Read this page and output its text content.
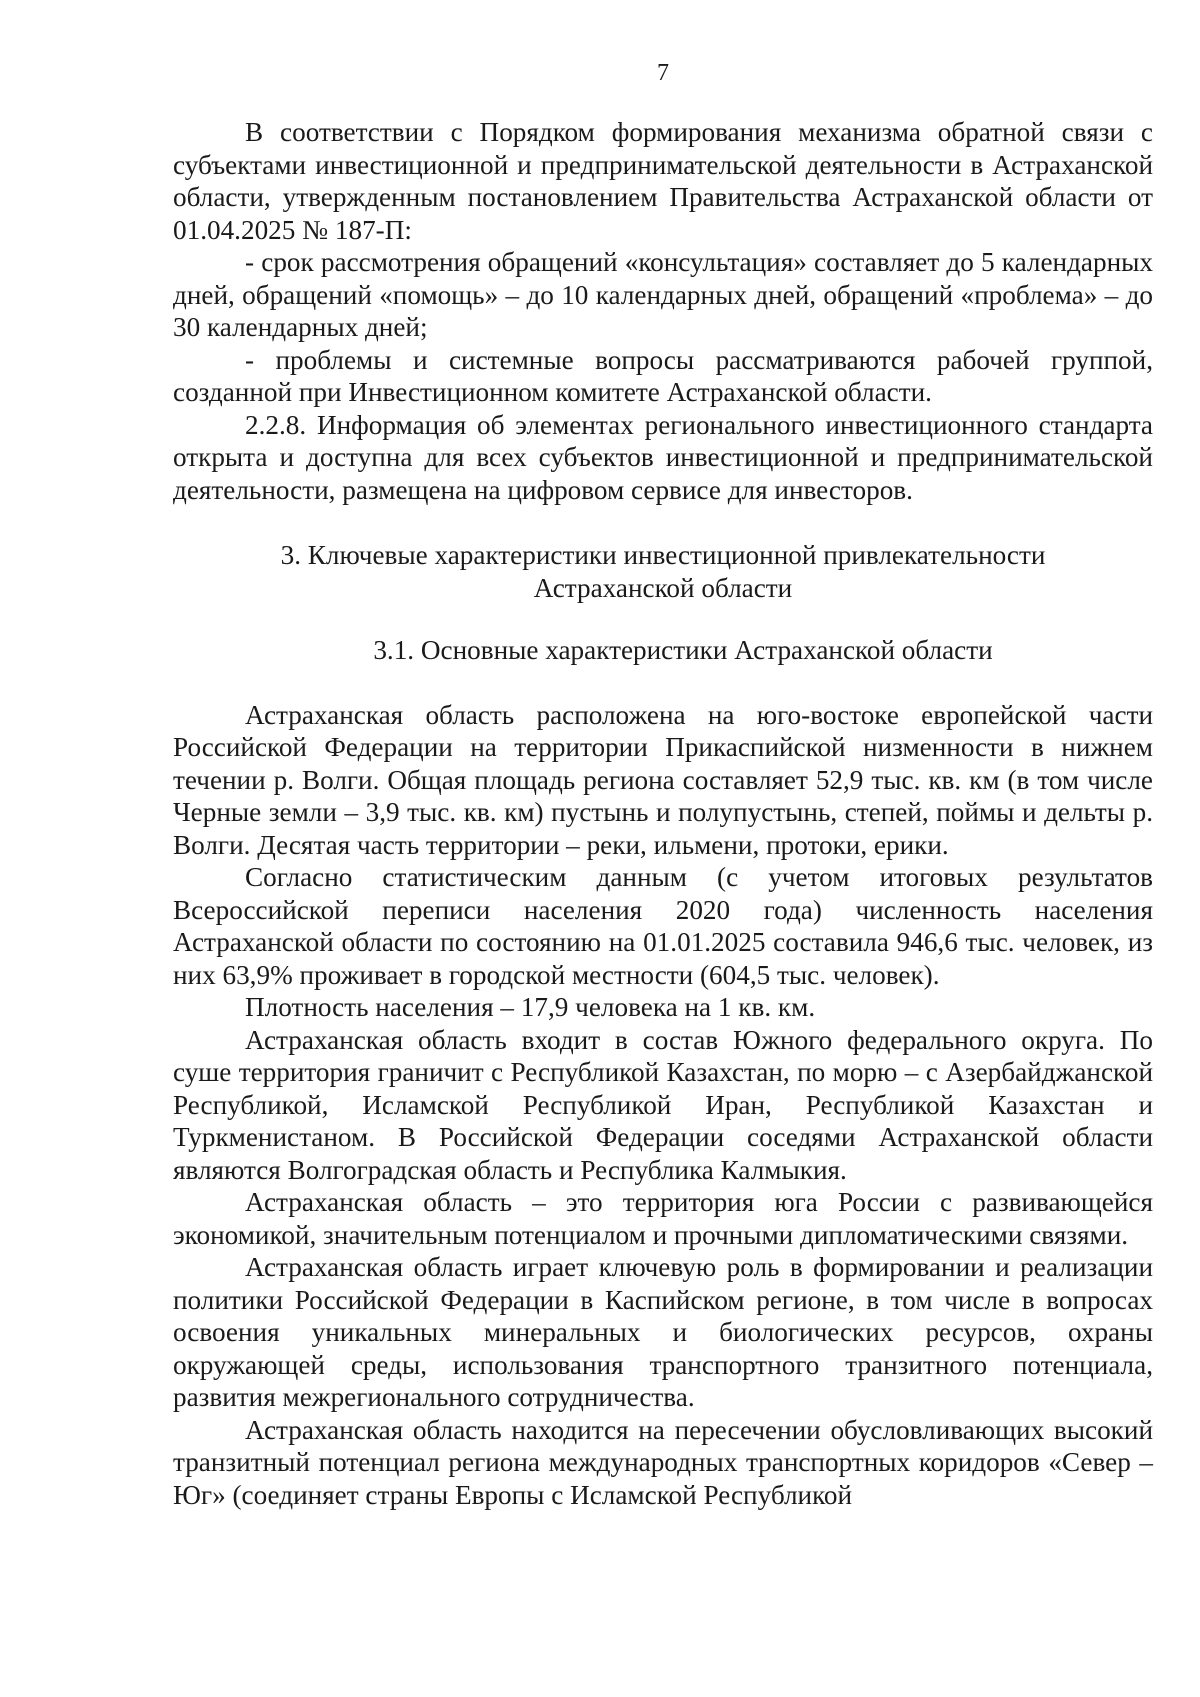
7

В соответствии с Порядком формирования механизма обратной связи с субъектами инвестиционной и предпринимательской деятельности в Астраханской области, утвержденным постановлением Правительства Астраханской области от 01.04.2025 № 187-П:

- срок рассмотрения обращений «консультация» составляет до 5 календарных дней, обращений «помощь» – до 10 календарных дней, обращений «проблема» – до 30 календарных дней;

- проблемы и системные вопросы рассматриваются рабочей группой, созданной при Инвестиционном комитете Астраханской области.

2.2.8. Информация об элементах регионального инвестиционного стандарта открыта и доступна для всех субъектов инвестиционной и предпринимательской деятельности, размещена на цифровом сервисе для инвесторов.

3. Ключевые характеристики инвестиционной привлекательности Астраханской области
3.1. Основные характеристики Астраханской области

Астраханская область расположена на юго-востоке европейской части Российской Федерации на территории Прикаспийской низменности в нижнем течении р. Волги. Общая площадь региона составляет 52,9 тыс. кв. км (в том числе Черные земли – 3,9 тыс. кв. км) пустынь и полупустынь, степей, поймы и дельты р. Волги. Десятая часть территории – реки, ильмени, протоки, ерики.

Согласно статистическим данным (с учетом итоговых результатов Всероссийской переписи населения 2020 года) численность населения Астраханской области по состоянию на 01.01.2025 составила 946,6 тыс. человек, из них 63,9% проживает в городской местности (604,5 тыс. человек).

Плотность населения – 17,9 человека на 1 кв. км.

Астраханская область входит в состав Южного федерального округа. По суше территория граничит с Республикой Казахстан, по морю – с Азербайджанской Республикой, Исламской Республикой Иран, Республикой Казахстан и Туркменистаном. В Российской Федерации соседями Астраханской области являются Волгоградская область и Республика Калмыкия.

Астраханская область – это территория юга России с развивающейся экономикой, значительным потенциалом и прочными дипломатическими связями.

Астраханская область играет ключевую роль в формировании и реализации политики Российской Федерации в Каспийском регионе, в том числе в вопросах освоения уникальных минеральных и биологических ресурсов, охраны окружающей среды, использования транспортного транзитного потенциала, развития межрегионального сотрудничества.

Астраханская область находится на пересечении обусловливающих высокий транзитный потенциал региона международных транспортных коридоров «Север – Юг» (соединяет страны Европы с Исламской Республикой
